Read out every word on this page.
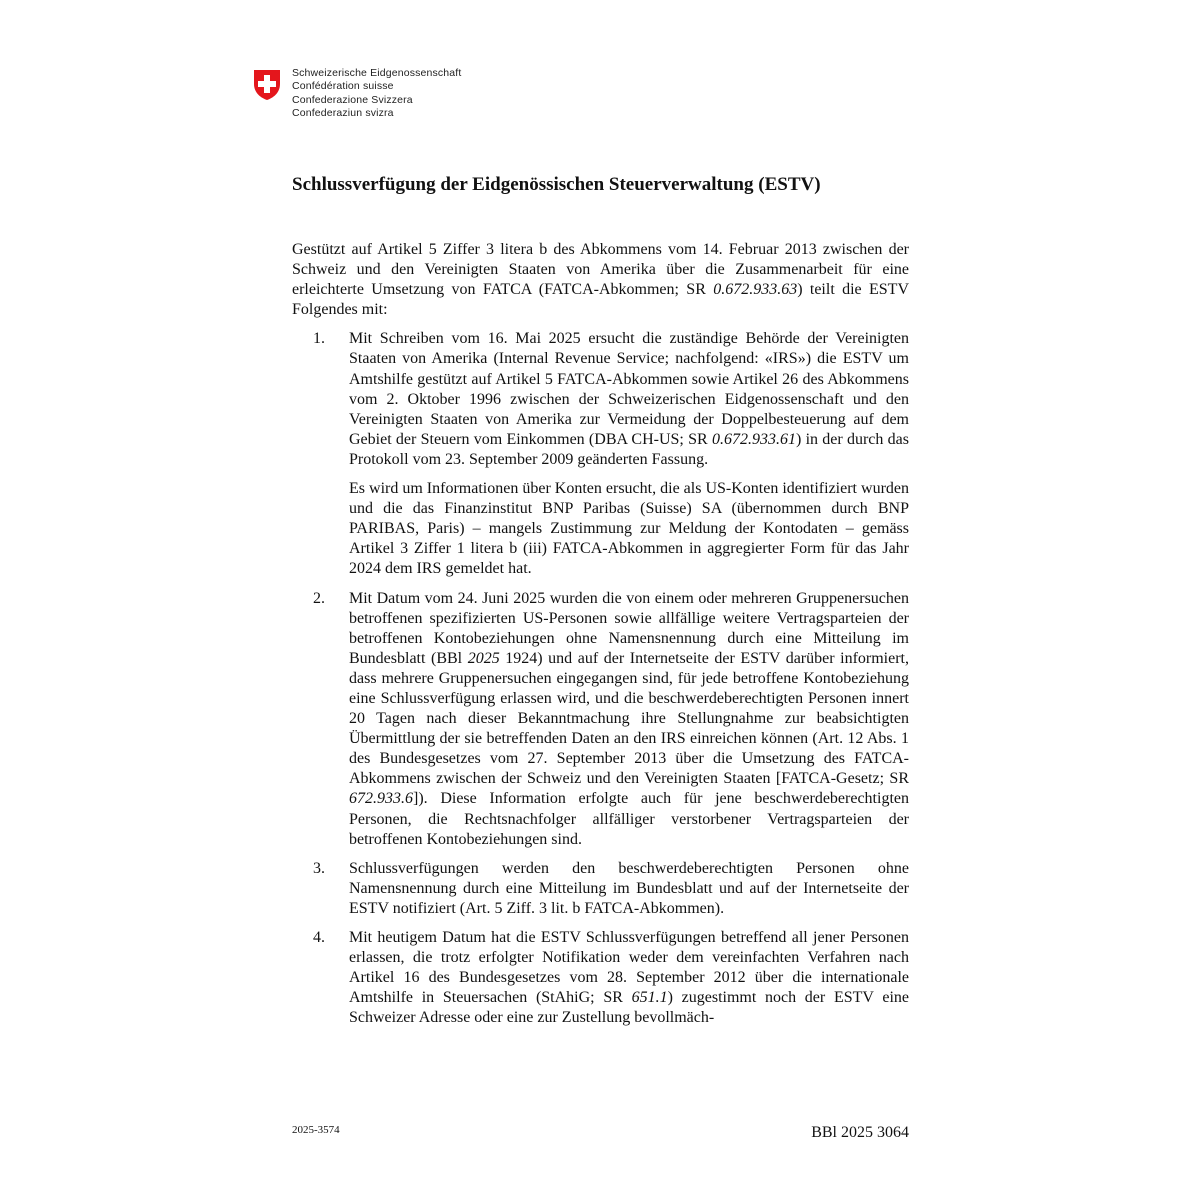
Schweizerische Eidgenossenschaft
Confédération suisse
Confederazione Svizzera
Confederaziun svizra
Schlussverfügung der Eidgenössischen Steuerverwaltung (ESTV)

Gestützt auf Artikel 5 Ziffer 3 litera b des Abkommens vom 14. Februar 2013 zwischen der Schweiz und den Vereinigten Staaten von Amerika über die Zusammenarbeit für eine erleichterte Umsetzung von FATCA (FATCA-Abkommen; SR 0.672.933.63) teilt die ESTV Folgendes mit:

1.	Mit Schreiben vom 16. Mai 2025 ersucht die zuständige Behörde der Vereinigten Staaten von Amerika (Internal Revenue Service; nachfolgend: «IRS») die ESTV um Amtshilfe gestützt auf Artikel 5 FATCA-Abkommen sowie Artikel 26 des Abkommens vom 2. Oktober 1996 zwischen der Schweizerischen Eidgenossenschaft und den Vereinigten Staaten von Amerika zur Vermeidung der Doppelbesteuerung auf dem Gebiet der Steuern vom Einkommen (DBA CH-US; SR 0.672.933.61) in der durch das Protokoll vom 23. September 2009 geänderten Fassung.

Es wird um Informationen über Konten ersucht, die als US-Konten identifiziert wurden und die das Finanzinstitut BNP Paribas (Suisse) SA (übernommen durch BNP PARIBAS, Paris) – mangels Zustimmung zur Meldung der Kontodaten – gemäss Artikel 3 Ziffer 1 litera b (iii) FATCA-Abkommen in aggregierter Form für das Jahr 2024 dem IRS gemeldet hat.

2.	Mit Datum vom 24. Juni 2025 wurden die von einem oder mehreren Gruppenersuchen betroffenen spezifizierten US-Personen sowie allfällige weitere Vertragsparteien der betroffenen Kontobeziehungen ohne Namensnennung durch eine Mitteilung im Bundesblatt (BBl 2025 1924) und auf der Internetseite der ESTV darüber informiert, dass mehrere Gruppenersuchen eingegangen sind, für jede betroffene Kontobeziehung eine Schlussverfügung erlassen wird, und die beschwerdeberechtigten Personen innert 20 Tagen nach dieser Bekanntmachung ihre Stellungnahme zur beabsichtigten Übermittlung der sie betreffenden Daten an den IRS einreichen können (Art. 12 Abs. 1 des Bundesgesetzes vom 27. September 2013 über die Umsetzung des FATCA-Abkommens zwischen der Schweiz und den Vereinigten Staaten [FATCA-Gesetz; SR 672.933.6]). Diese Information erfolgte auch für jene beschwerdeberechtigten Personen, die Rechtsnachfolger allfälliger verstorbener Vertragsparteien der betroffenen Kontobeziehungen sind.

3.	Schlussverfügungen werden den beschwerdeberechtigten Personen ohne Namensnennung durch eine Mitteilung im Bundesblatt und auf der Internetseite der ESTV notifiziert (Art. 5 Ziff. 3 lit. b FATCA-Abkommen).

4.	Mit heutigem Datum hat die ESTV Schlussverfügungen betreffend all jener Personen erlassen, die trotz erfolgter Notifikation weder dem vereinfachten Verfahren nach Artikel 16 des Bundesgesetzes vom 28. September 2012 über die internationale Amtshilfe in Steuersachen (StAhiG; SR 651.1) zugestimmt noch der ESTV eine Schweizer Adresse oder eine zur Zustellung bevollmäch-

2025-3574	BBl 2025 3064
